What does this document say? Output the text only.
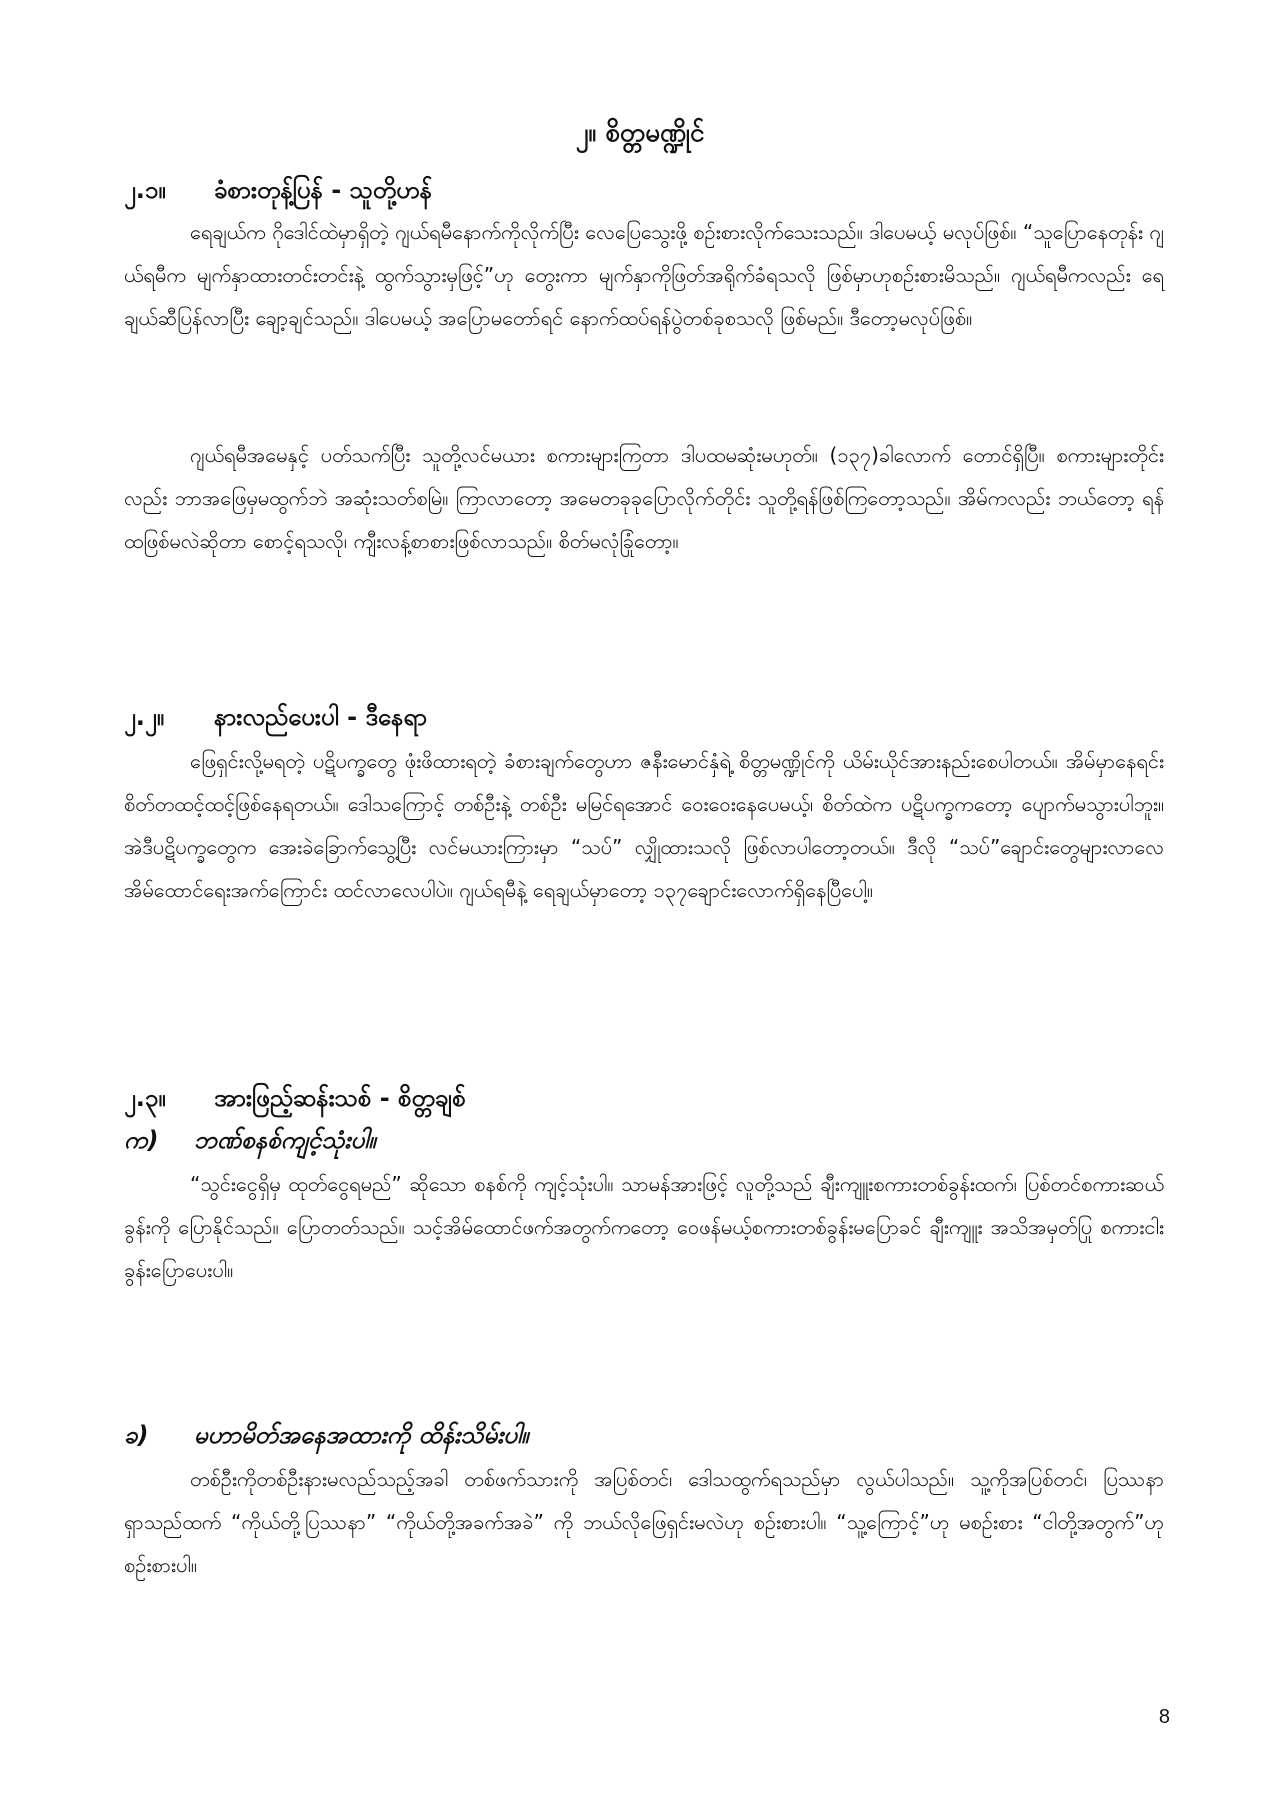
၂။ စိတ္တမဏ္ဍိုင်
၂.၁။ ခံစားတုန့်ပြန် - သူတို့ဟန်

ရေချယ်က ဂိုဒေါင်ထဲမှာရှိတဲ့ ဂျယ်ရမီနောက်ကိုလိုက်ပြီး လေပြေသွေးဖို့ စဉ်းစားလိုက်သေးသည်။ ဒါပေမယ့် မလုပ်ဖြစ်။ “သူပြောနေတုန်း ဂျယ်ရမီက မျက်နှာထားတင်းတင်းနဲ့ ထွက်သွားမှဖြင့်”ဟု တွေးကာ မျက်နှာကိုဖြတ်အရိုက်ခံရသလို ဖြစ်မှာဟုစဉ်းစားမိသည်။ ဂျယ်ရမီကလည်း ရေချယ်ဆီပြန်လာပြီး ချော့ချင်သည်။ ဒါပေမယ့် အပြောမတော်ရင် နောက်ထပ်ရန်ပွဲတစ်ခုစသလို ဖြစ်မည်။ ဒီတော့မလုပ်ဖြစ်။

ဂျယ်ရမီအမေနှင့် ပတ်သက်ပြီး သူတို့လင်မယား စကားများကြတာ ဒါပထမဆုံးမဟုတ်။ (၁၃၇)ခါလောက် တောင်ရှိပြီ။ စကားများတိုင်းလည်း ဘာအဖြေမှမထွက်ဘဲ အဆုံးသတ်စမြဲ။ ကြာလာတော့ အမေတခုခုပြောလိုက်တိုင်း သူတို့ရန်ဖြစ်ကြတော့သည်။ အိမ်ကလည်း ဘယ်တော့ ရန်ထဖြစ်မလဲဆိုတာ စောင့်ရသလို၊ ကျီးလန့်စာစားဖြစ်လာသည်။ စိတ်မလုံခြုံတော့။

၂.၂။ နားလည်ပေးပါ - ဒီနေရာ

ဖြေရှင်းလို့မရတဲ့ ပဋိပက္ခတွေ ဖုံးဖိထားရတဲ့ ခံစားချက်တွေဟာ ဇနီးမောင်နှံရဲ့ စိတ္တမဏ္ဍိုင်ကို ယိမ်းယိုင်အားနည်းစေပါတယ်။ အိမ်မှာနေရင်း စိတ်တထင့်ထင့်ဖြစ်နေရတယ်။ ဒေါသကြောင့် တစ်ဦးနဲ့ တစ်ဦး မမြင်ရအောင် ဝေးဝေးနေပေမယ့်၊ စိတ်ထဲက ပဋိပက္ခကတော့ ပျောက်မသွားပါဘူး။ အဲဒီပဋိပက္ခတွေက အေးခဲခြောက်သွေ့ပြီး လင်မယားကြားမှာ “သပ်” လျှိုထားသလို ဖြစ်လာပါတော့တယ်။ ဒီလို “သပ်”ချောင်းတွေများလာလေ အိမ်ထောင်ရေးအက်ကြောင်း ထင်လာလေပါပဲ။ ဂျယ်ရမီနဲ့ ရေချယ်မှာတော့ ၁၃၇ချောင်းလောက်ရှိနေပြီပေါ့။

၂.၃။ အားဖြည့်ဆန်းသစ် - စိတ္တချစ်
က) ဘဏ်စနစ်ကျင့်သုံးပါ။

“သွင်းငွေရှိမှ ထုတ်ငွေရမည်” ဆိုသော စနစ်ကို ကျင့်သုံးပါ။ သာမန်အားဖြင့် လူတို့သည် ချီးကျူးစကားတစ်ခွန်းထက်၊ ပြစ်တင်စကားဆယ်ခွန်းကို ပြောနိုင်သည်။ ပြောတတ်သည်။ သင့်အိမ်ထောင်ဖက်အတွက်ကတော့ ဝေဖန်မယ့်စကားတစ်ခွန်းမပြောခင် ချီးကျူး အသိအမှတ်ပြု စကားငါးခွန်းပြောပေးပါ။

ခ) မဟာမိတ်အနေအထားကို ထိန်းသိမ်းပါ။

တစ်ဦးကိုတစ်ဦးနားမလည်သည့်အခါ တစ်ဖက်သားကို အပြစ်တင်၊ ဒေါသထွက်ရသည်မှာ လွယ်ပါသည်။ သူ့ကိုအပြစ်တင်၊ ပြဿနာရှာသည်ထက် “ကိုယ်တို့ပြဿနာ” “ကိုယ်တို့အခက်အခဲ” ကို ဘယ်လိုဖြေရှင်းမလဲဟု စဉ်းစားပါ။ “သူ့ကြောင့်”ဟု မစဉ်းစား “ငါတို့အတွက်”ဟု စဉ်းစားပါ။

8
